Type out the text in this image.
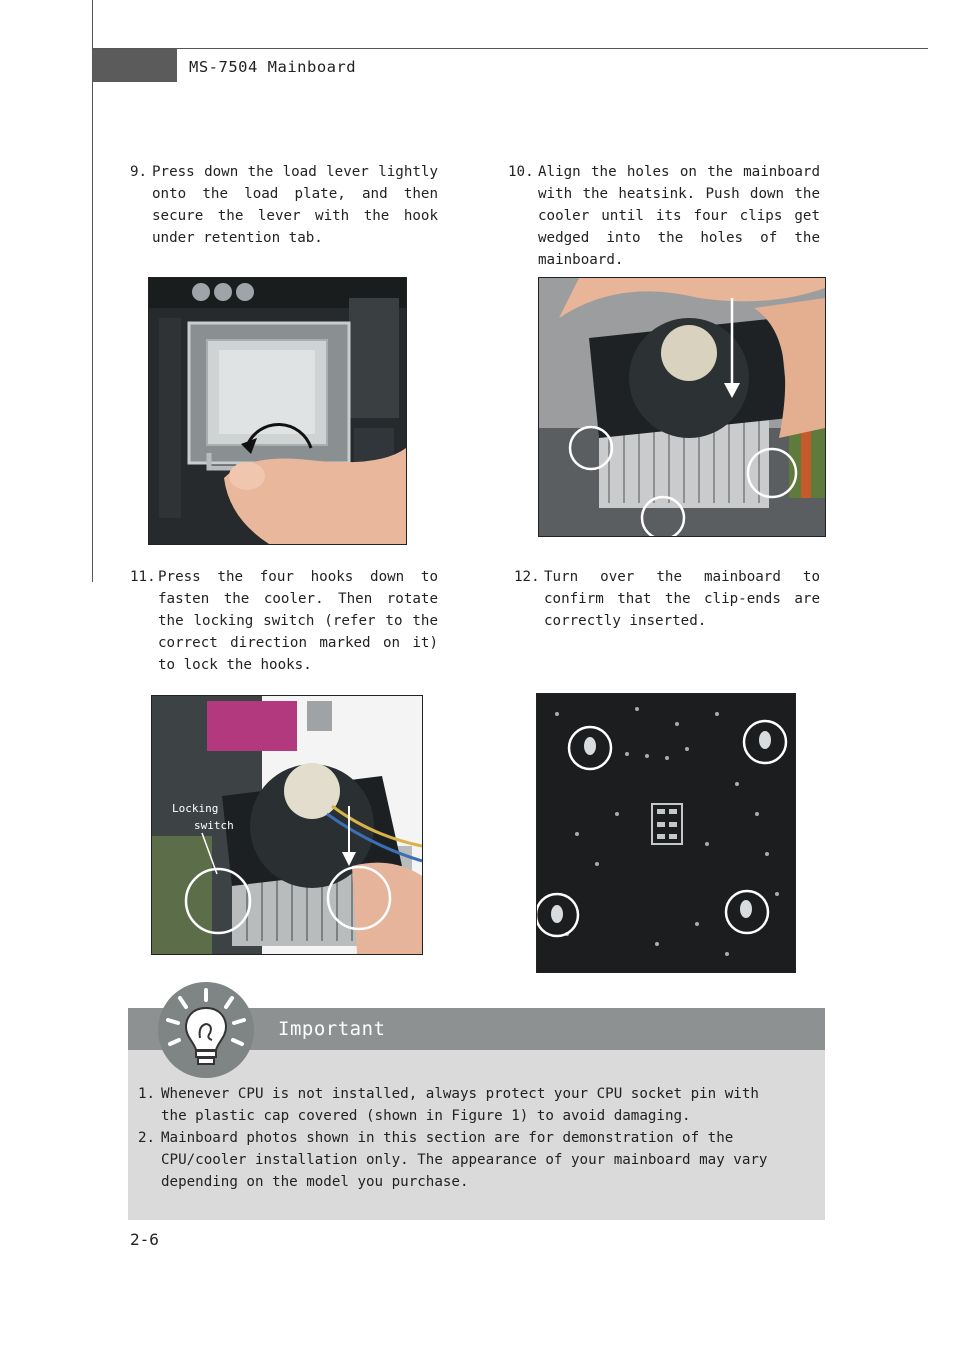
MS-7504 Mainboard
9. Press down the load lever lightly onto the load plate, and then secure the lever with the hook under retention tab.
10. Align the holes on the mainboard with the heatsink. Push down the cooler until its four clips get wedged into the holes of the mainboard.
11. Press the four hooks down to fasten the cooler. Then rotate the locking switch (refer to the correct direction marked on it) to lock the hooks.
12. Turn over the mainboard to confirm that the clip-ends are correctly inserted.
Locking
switch
Important
1. Whenever CPU is not installed, always protect your CPU socket pin with the plastic cap covered (shown in Figure 1) to avoid damaging.
2. Mainboard photos shown in this section are for demonstration of the CPU/cooler installation only. The appearance of your mainboard may vary depending on the model you purchase.
2-6
